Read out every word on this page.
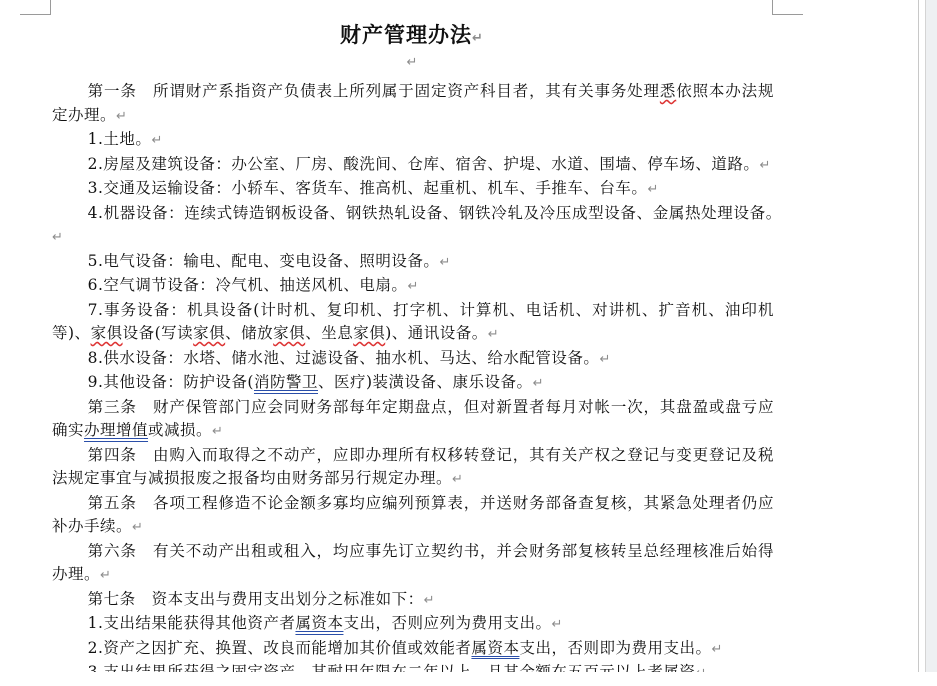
财产管理办法↵
↵

第一条　所谓财产系指资产负债表上所列属于固定资产科目者，其有关事务处理悉依照本办法规定办理。↵

1.土地。↵

2.房屋及建筑设备：办公室、厂房、酸洗间、仓库、宿舍、护堤、水道、围墙、停车场、道路。↵

3.交通及运输设备：小轿车、客货车、推高机、起重机、机车、手推车、台车。↵

4.机器设备：连续式铸造钢板设备、钢铁热轧设备、钢铁冷轧及冷压成型设备、金属热处理设备。　↵

5.电气设备：输电、配电、变电设备、照明设备。↵

6.空气调节设备：冷气机、抽送风机、电扇。↵

7.事务设备：机具设备(计时机、复印机、打字机、计算机、电话机、对讲机、扩音机、油印机等)、家俱设备(写读家俱、储放家俱、坐息家俱)、通讯设备。↵

8.供水设备：水塔、储水池、过滤设备、抽水机、马达、给水配管设备。↵

9.其他设备：防护设备(消防警卫、医疗)装潢设备、康乐设备。↵

第三条　财产保管部门应会同财务部每年定期盘点，但对新置者每月对帐一次，其盘盈或盘亏应确实办理增值或减损。↵

第四条　由购入而取得之不动产，应即办理所有权移转登记，其有关产权之登记与变更登记及税法规定事宜与减损报废之报备均由财务部另行规定办理。↵

第五条　各项工程修造不论金额多寡均应编列预算表，并送财务部备查复核，其紧急处理者仍应补办手续。↵

第六条　有关不动产出租或租入，均应事先订立契约书，并会财务部复核转呈总经理核准后始得办理。↵

第七条　资本支出与费用支出划分之标准如下：↵

1.支出结果能获得其他资产者属资本支出，否则应列为费用支出。↵

2.资产之因扩充、换置、改良而能增加其价值或效能者属资本支出，否则即为费用支出。↵
